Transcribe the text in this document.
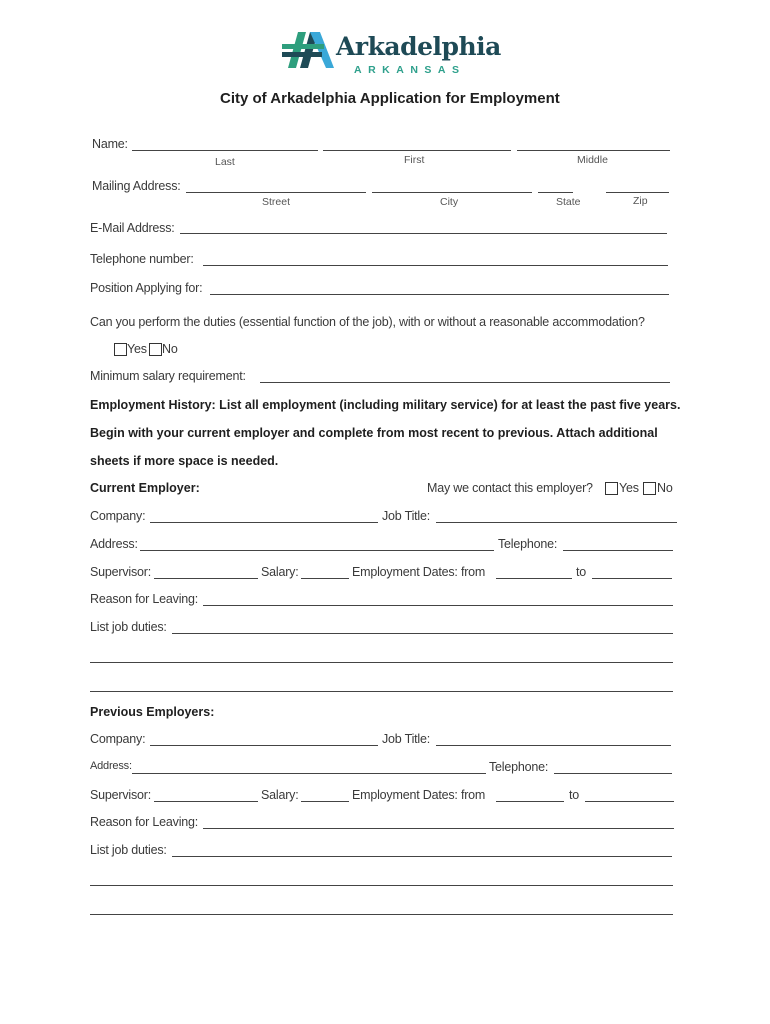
Arkadelphia
ARKANSAS
City of Arkadelphia Application for Employment
Name:
Last	First	Middle
Mailing Address:
Street	City	State	Zip
E-Mail Address:
Telephone number:
Position Applying for:
Can you perform the duties (essential function of the job), with or without a reasonable accommodation?
Yes No
Minimum salary requirement:
Employment History: List all employment (including military service) for at least the past five years.
Begin with your current employer and complete from most recent to previous. Attach additional
sheets if more space is needed.
Current Employer:	May we contact this employer? Yes No
Company:	Job Title:
Address:	Telephone:
Supervisor:	Salary:	Employment Dates: from	to
Reason for Leaving:
List job duties:
Previous Employers:
Company:	Job Title:
Address:	Telephone:
Supervisor:	Salary:	Employment Dates: from	to
Reason for Leaving:
List job duties:
